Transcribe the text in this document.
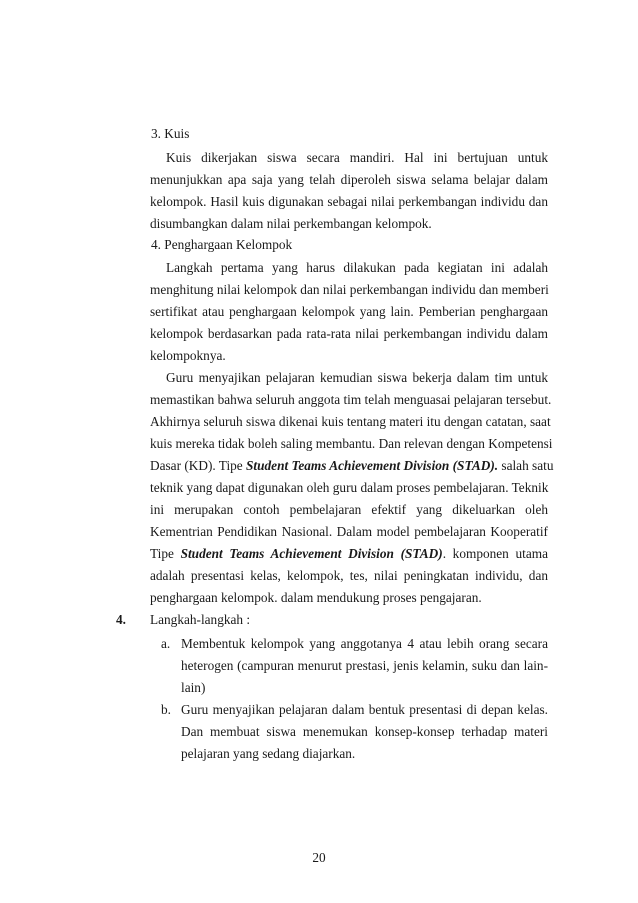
3. Kuis
Kuis dikerjakan siswa secara mandiri. Hal ini bertujuan untuk
menunjukkan apa saja yang telah diperoleh siswa selama belajar dalam
kelompok. Hasil kuis digunakan sebagai nilai perkembangan individu dan
disumbangkan dalam nilai perkembangan kelompok.
4. Penghargaan Kelompok
Langkah pertama yang harus dilakukan pada kegiatan ini adalah
menghitung nilai kelompok dan nilai perkembangan individu dan memberi
sertifikat atau penghargaan kelompok yang lain. Pemberian penghargaan
kelompok berdasarkan pada rata-rata nilai perkembangan individu dalam
kelompoknya.
Guru menyajikan pelajaran kemudian siswa bekerja dalam tim untuk
memastikan bahwa seluruh anggota tim telah menguasai pelajaran tersebut.
Akhirnya seluruh siswa dikenai kuis tentang materi itu dengan catatan, saat
kuis mereka tidak boleh saling membantu. Dan relevan dengan Kompetensi
Dasar (KD). Tipe Student Teams Achievement Division (STAD). salah satu
teknik yang dapat digunakan oleh guru dalam proses pembelajaran. Teknik
ini merupakan contoh pembelajaran efektif yang dikeluarkan oleh
Kementrian Pendidikan Nasional. Dalam model pembelajaran Kooperatif
Tipe Student Teams Achievement Division (STAD). komponen utama
adalah presentasi kelas, kelompok, tes, nilai peningkatan individu, dan
penghargaan kelompok. dalam mendukung proses pengajaran.
4.	Langkah-langkah :
a. Membentuk kelompok yang anggotanya 4 atau lebih orang secara
heterogen (campuran menurut prestasi, jenis kelamin, suku dan lain-
lain)
b. Guru menyajikan pelajaran dalam bentuk presentasi di depan kelas.
Dan membuat siswa menemukan konsep-konsep terhadap materi
pelajaran yang sedang diajarkan.
20
